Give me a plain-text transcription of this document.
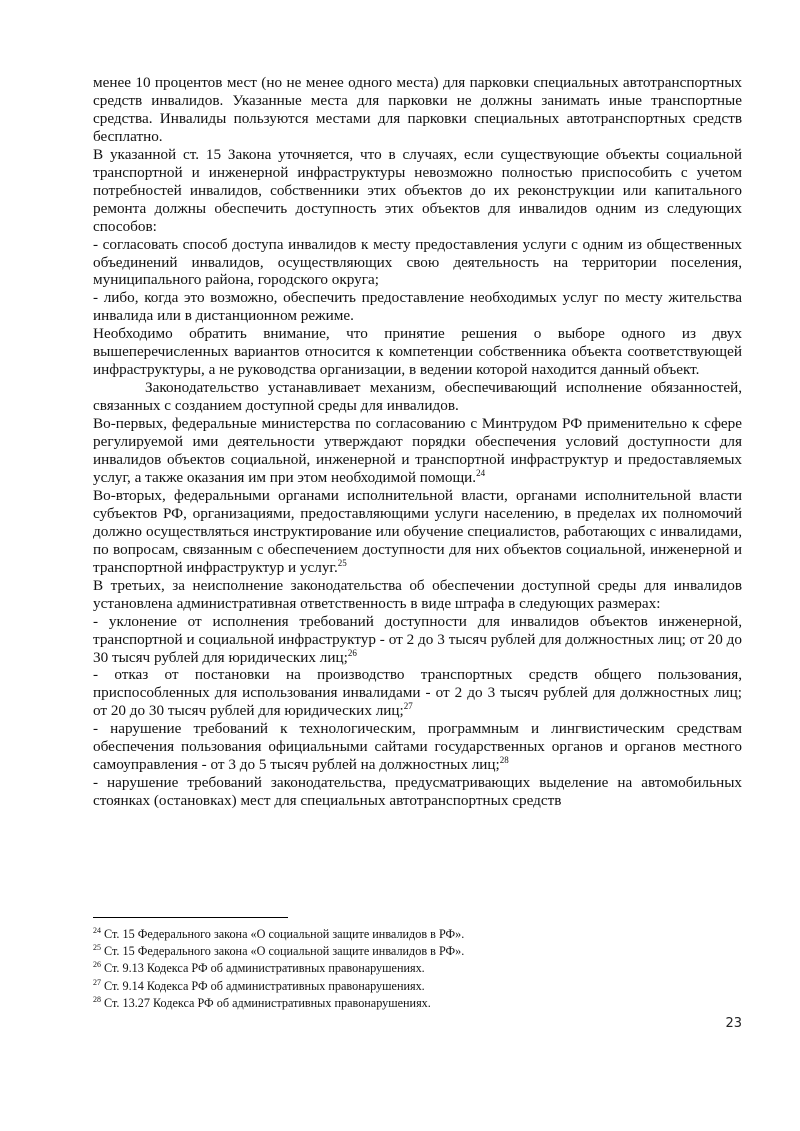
менее 10 процентов мест (но не менее одного места) для парковки специальных автотранспортных средств инвалидов. Указанные места для парковки не должны занимать иные транспортные средства. Инвалиды пользуются местами для парковки специальных автотранспортных средств бесплатно.

В указанной ст. 15 Закона уточняется, что в случаях, если существующие объекты социальной транспортной и инженерной инфраструктуры невозможно полностью приспособить с учетом потребностей инвалидов, собственники этих объектов до их реконструкции или капитального ремонта должны обеспечить доступность этих объектов для инвалидов одним из следующих способов:

- согласовать способ доступа инвалидов к месту предоставления услуги с одним из общественных объединений инвалидов, осуществляющих свою деятельность на территории поселения, муниципального района, городского округа;

- либо, когда это возможно, обеспечить предоставление необходимых услуг по месту жительства инвалида или в дистанционном режиме.

Необходимо обратить внимание, что принятие решения о выборе одного из двух вышеперечисленных вариантов относится к компетенции собственника объекта соответствующей инфраструктуры, а не руководства организации, в ведении которой находится данный объект.

Законодательство устанавливает механизм, обеспечивающий исполнение обязанностей, связанных с созданием доступной среды для инвалидов.

Во-первых, федеральные министерства по согласованию с Минтрудом РФ применительно к сфере регулируемой ими деятельности утверждают порядки обеспечения условий доступности для инвалидов объектов социальной, инженерной и транспортной инфраструктур и предоставляемых услуг, а также оказания им при этом необходимой помощи.$^{24}$

Во-вторых, федеральными органами исполнительной власти, органами исполнительной власти субъектов РФ, организациями, предоставляющими услуги населению, в пределах их полномочий должно осуществляться инструктирование или обучение специалистов, работающих с инвалидами, по вопросам, связанным с обеспечением доступности для них объектов социальной, инженерной и транспортной инфраструктур и услуг.$^{25}$

В третьих, за неисполнение законодательства об обеспечении доступной среды для инвалидов установлена административная ответственность в виде штрафа в следующих размерах:

- уклонение от исполнения требований доступности для инвалидов объектов инженерной, транспортной и социальной инфраструктур - от 2 до 3 тысяч рублей для должностных лиц; от 20 до 30 тысяч рублей для юридических лиц;$^{26}$

- отказ от постановки на производство транспортных средств общего пользования, приспособленных для использования инвалидами - от 2 до 3 тысяч рублей для должностных лиц; от 20 до 30 тысяч рублей для юридических лиц;$^{27}$

- нарушение требований к технологическим, программным и лингвистическим средствам обеспечения пользования официальными сайтами государственных органов и органов местного самоуправления - от 3 до 5 тысяч рублей на должностных лиц;$^{28}$

- нарушение требований законодательства, предусматривающих выделение на автомобильных стоянках (остановках) мест для специальных автотранспортных средств

$^{24}$ Ст. 15 Федерального закона «О социальной защите инвалидов в РФ».

$^{25}$ Ст. 15 Федерального закона «О социальной защите инвалидов в РФ».

$^{26}$ Ст. 9.13 Кодекса РФ об административных правонарушениях.

$^{27}$ Ст. 9.14 Кодекса РФ об административных правонарушениях.

$^{28}$ Ст. 13.27 Кодекса РФ об административных правонарушениях.

23
